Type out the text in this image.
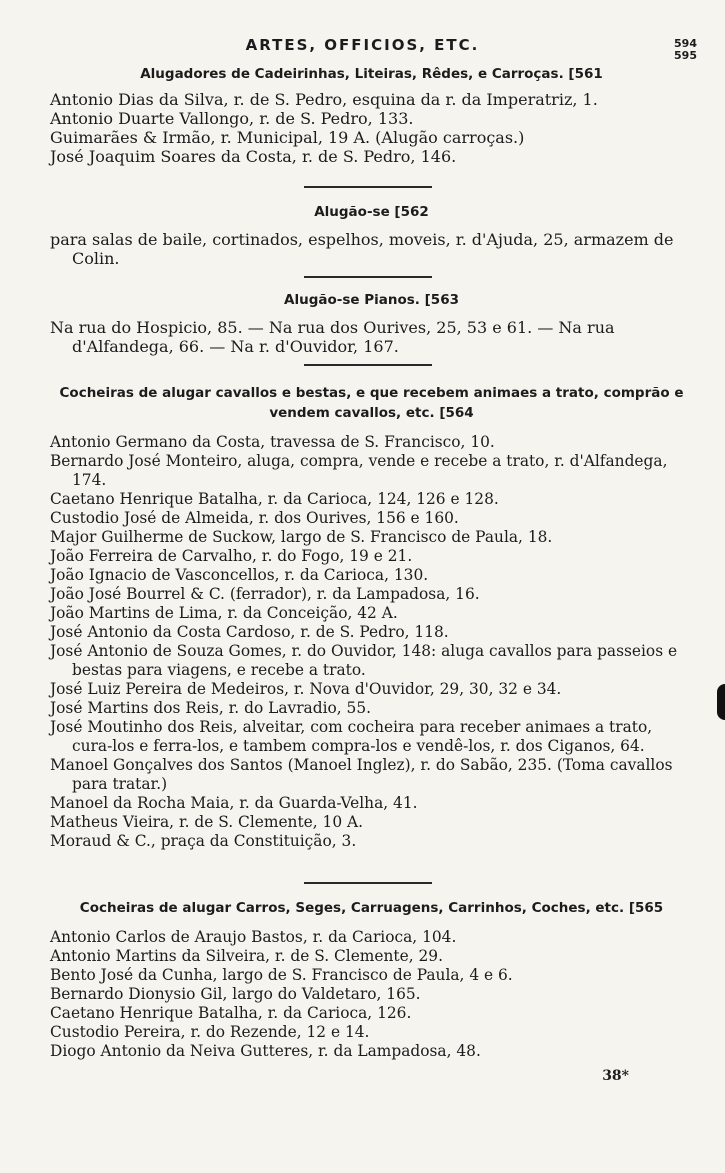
ARTES, OFFICIOS, ETC.	594
595
Alugadores de Cadeirinhas, Liteiras, Rêdes, e Carroças. [561
Antonio Dias da Silva, r. de S. Pedro, esquina da r. da Imperatriz, 1.
Antonio Duarte Vallongo, r. de S. Pedro, 133.
Guimarães & Irmão, r. Municipal, 19 A. (Alugão carroças.)
José Joaquim Soares da Costa, r. de S. Pedro, 146.
Alugão-se [562
para salas de baile, cortinados, espelhos, moveis, r. d'Ajuda, 25, armazem de Colin.
Alugão-se Pianos. [563
Na rua do Hospicio, 85. — Na rua dos Ourives, 25, 53 e 61. — Na rua d'Alfandega, 66. — Na r. d'Ouvidor, 167.
Cocheiras de alugar cavallos e bestas, e que recebem animaes a trato, comprão e vendem cavallos, etc. [564
Antonio Germano da Costa, travessa de S. Francisco, 10.
Bernardo José Monteiro, aluga, compra, vende e recebe a trato, r. d'Alfandega, 174.
Caetano Henrique Batalha, r. da Carioca, 124, 126 e 128.
Custodio José de Almeida, r. dos Ourives, 156 e 160.
Major Guilherme de Suckow, largo de S. Francisco de Paula, 18.
João Ferreira de Carvalho, r. do Fogo, 19 e 21.
João Ignacio de Vasconcellos, r. da Carioca, 130.
João José Bourrel & C. (ferrador), r. da Lampadosa, 16.
João Martins de Lima, r. da Conceição, 42 A.
José Antonio da Costa Cardoso, r. de S. Pedro, 118.
José Antonio de Souza Gomes, r. do Ouvidor, 148: aluga cavallos para passeios e bestas para viagens, e recebe a trato.
José Luiz Pereira de Medeiros, r. Nova d'Ouvidor, 29, 30, 32 e 34.
José Martins dos Reis, r. do Lavradio, 55.
José Moutinho dos Reis, alveitar, com cocheira para receber animaes a trato, cura-los e ferra-los, e tambem compra-los e vendê-los, r. dos Ciganos, 64.
Manoel Gonçalves dos Santos (Manoel Inglez), r. do Sabão, 235. (Toma cavallos para tratar.)
Manoel da Rocha Maia, r. da Guarda-Velha, 41.
Matheus Vieira, r. de S. Clemente, 10 A.
Moraud & C., praça da Constituição, 3.
Cocheiras de alugar Carros, Seges, Carruagens, Carrinhos, Coches, etc. [565
Antonio Carlos de Araujo Bastos, r. da Carioca, 104.
Antonio Martins da Silveira, r. de S. Clemente, 29.
Bento José da Cunha, largo de S. Francisco de Paula, 4 e 6.
Bernardo Dionysio Gil, largo do Valdetaro, 165.
Caetano Henrique Batalha, r. da Carioca, 126.
Custodio Pereira, r. do Rezende, 12 e 14.
Diogo Antonio da Neiva Gutteres, r. da Lampadosa, 48.
38*
